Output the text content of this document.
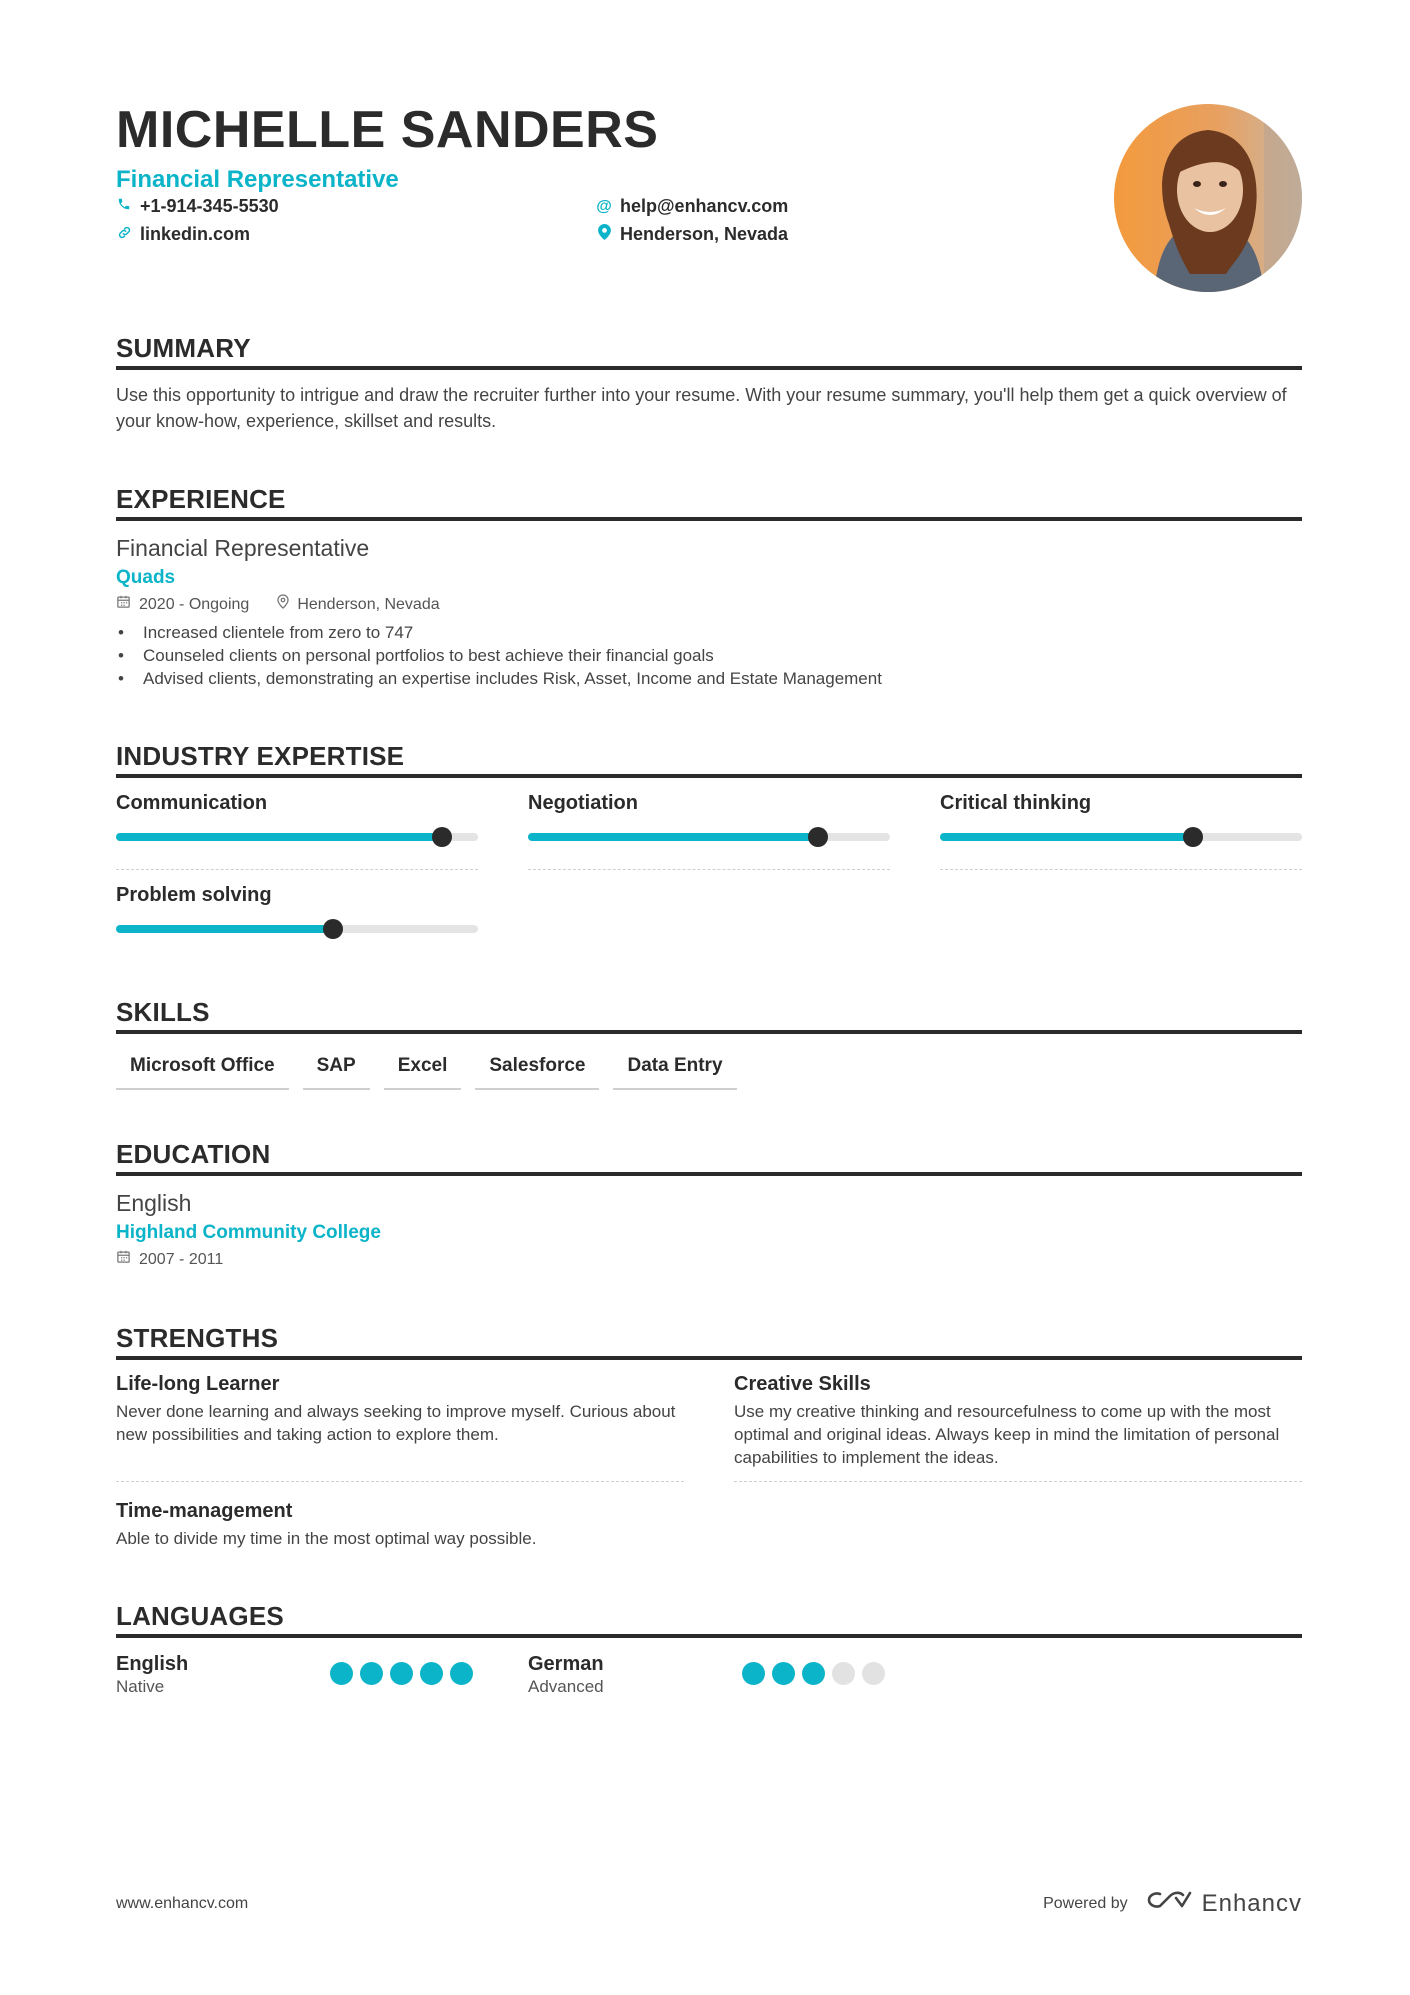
MICHELLE SANDERS
Financial Representative
+1-914-345-5530	@ help@enhancv.com
linkedin.com	Henderson, Nevada
SUMMARY
Use this opportunity to intrigue and draw the recruiter further into your resume. With your resume summary, you'll help them get a quick overview of your know-how, experience, skillset and results.
EXPERIENCE
Financial Representative
Quads
2020 - Ongoing	Henderson, Nevada
• Increased clientele from zero to 747
• Counseled clients on personal portfolios to best achieve their financial goals
• Advised clients, demonstrating an expertise includes Risk, Asset, Income and Estate Management
INDUSTRY EXPERTISE
Communication	Negotiation	Critical thinking
Problem solving
SKILLS
Microsoft Office	SAP	Excel	Salesforce	Data Entry
EDUCATION
English
Highland Community College
2007 - 2011
STRENGTHS
Life-long Learner
Never done learning and always seeking to improve myself. Curious about new possibilities and taking action to explore them.
Creative Skills
Use my creative thinking and resourcefulness to come up with the most optimal and original ideas. Always keep in mind the limitation of personal capabilities to implement the ideas.
Time-management
Able to divide my time in the most optimal way possible.
LANGUAGES
English
Native
German
Advanced
www.enhancv.com	Powered by	Enhancv
